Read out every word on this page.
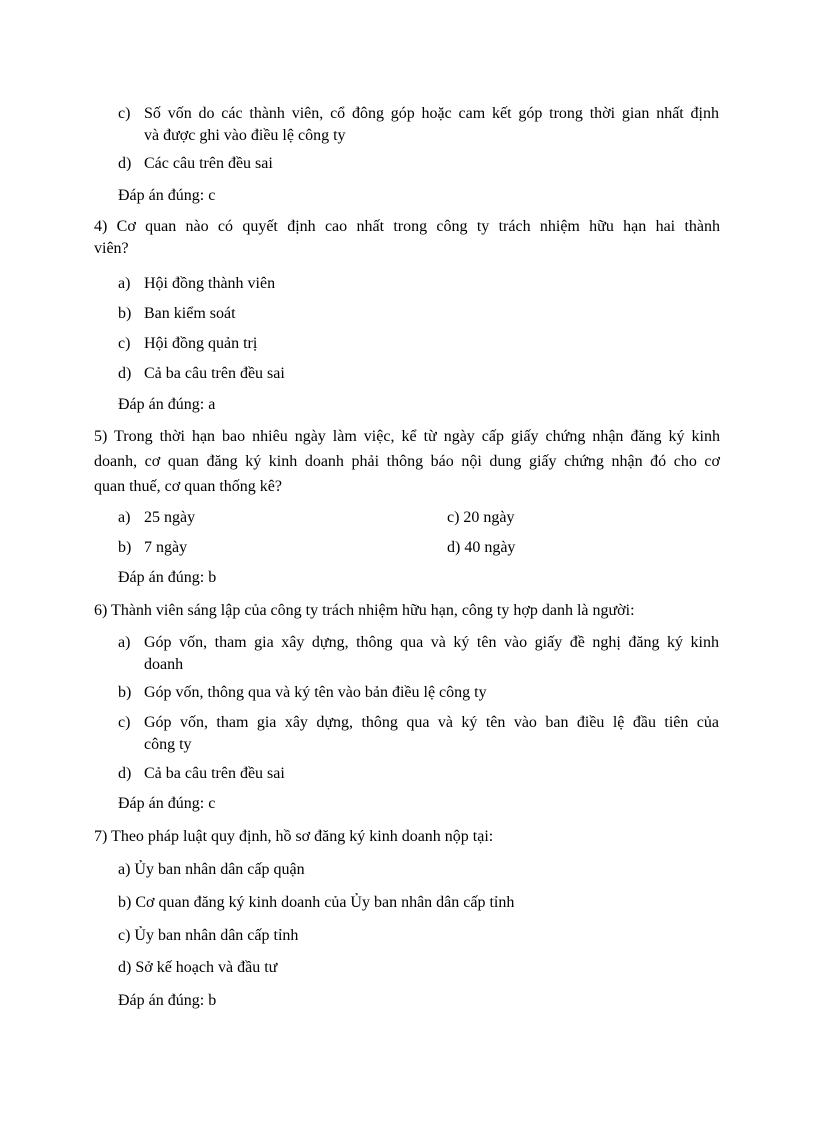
c) Số vốn do các thành viên, cổ đông góp hoặc cam kết góp trong thời gian nhất định
và được ghi vào điều lệ công ty
d) Các câu trên đều sai
Đáp án đúng: c
4) Cơ quan nào có quyết định cao nhất trong công ty trách nhiệm hữu hạn hai thành
viên?
a) Hội đồng thành viên
b) Ban kiểm soát
c) Hội đồng quản trị
d) Cả ba câu trên đều sai
Đáp án đúng: a
5) Trong thời hạn bao nhiêu ngày làm việc, kể từ ngày cấp giấy chứng nhận đăng ký kinh
doanh, cơ quan đăng ký kinh doanh phải thông báo nội dung giấy chứng nhận đó cho cơ
quan thuế, cơ quan thống kê?
a) 25 ngày	c) 20 ngày
b) 7 ngày	d) 40 ngày
Đáp án đúng: b
6) Thành viên sáng lập của công ty trách nhiệm hữu hạn, công ty hợp danh là người:
a) Góp vốn, tham gia xây dựng, thông qua và ký tên vào giấy đề nghị đăng ký kinh
doanh
b) Góp vốn, thông qua và ký tên vào bản điều lệ công ty
c) Góp vốn, tham gia xây dựng, thông qua và ký tên vào ban điều lệ đầu tiên của
công ty
d) Cả ba câu trên đều sai
Đáp án đúng: c
7) Theo pháp luật quy định, hồ sơ đăng ký kinh doanh nộp tại:
a) Ủy ban nhân dân cấp quận
b) Cơ quan đăng ký kinh doanh của Ủy ban nhân dân cấp tỉnh
c) Ủy ban nhân dân cấp tỉnh
d) Sở kế hoạch và đầu tư
Đáp án đúng: b
